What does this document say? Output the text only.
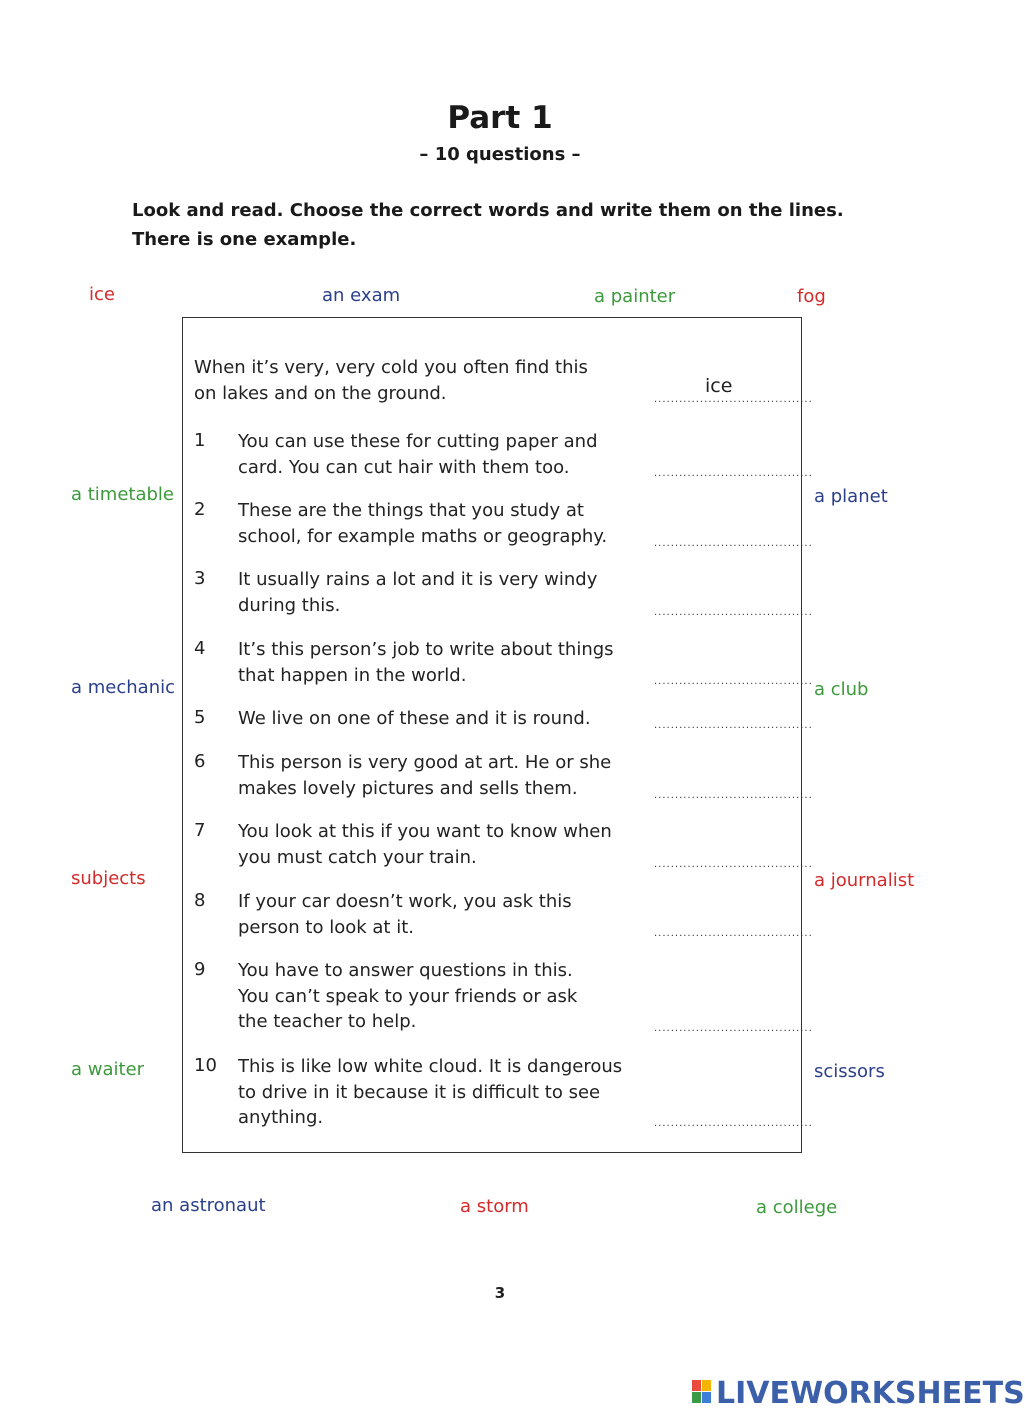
Part 1
– 10 questions –
Look and read. Choose the correct words and write them on the lines.
There is one example.
ice	an exam	a painter	fog
a timetable	a planet
a mechanic	a club
subjects	a journalist
a waiter	scissors
an astronaut	a storm	a college
When it’s very, very cold you often find this
on lakes and on the ground.	ice
......................................
1 You can use these for cutting paper and
card. You can cut hair with them too.	......................................
2 These are the things that you study at
school, for example maths or geography.	......................................
3 It usually rains a lot and it is very windy
during this.	......................................
4 It’s this person’s job to write about things
that happen in the world.	......................................
5 We live on one of these and it is round.	......................................
6 This person is very good at art. He or she
makes lovely pictures and sells them.	......................................
7 You look at this if you want to know when
you must catch your train.	......................................
8 If your car doesn’t work, you ask this
person to look at it.	......................................
9 You have to answer questions in this.
You can’t speak to your friends or ask
the teacher to help.	......................................
10 This is like low white cloud. It is dangerous
to drive in it because it is difficult to see
anything.	......................................
3
LIVEWORKSHEETS
